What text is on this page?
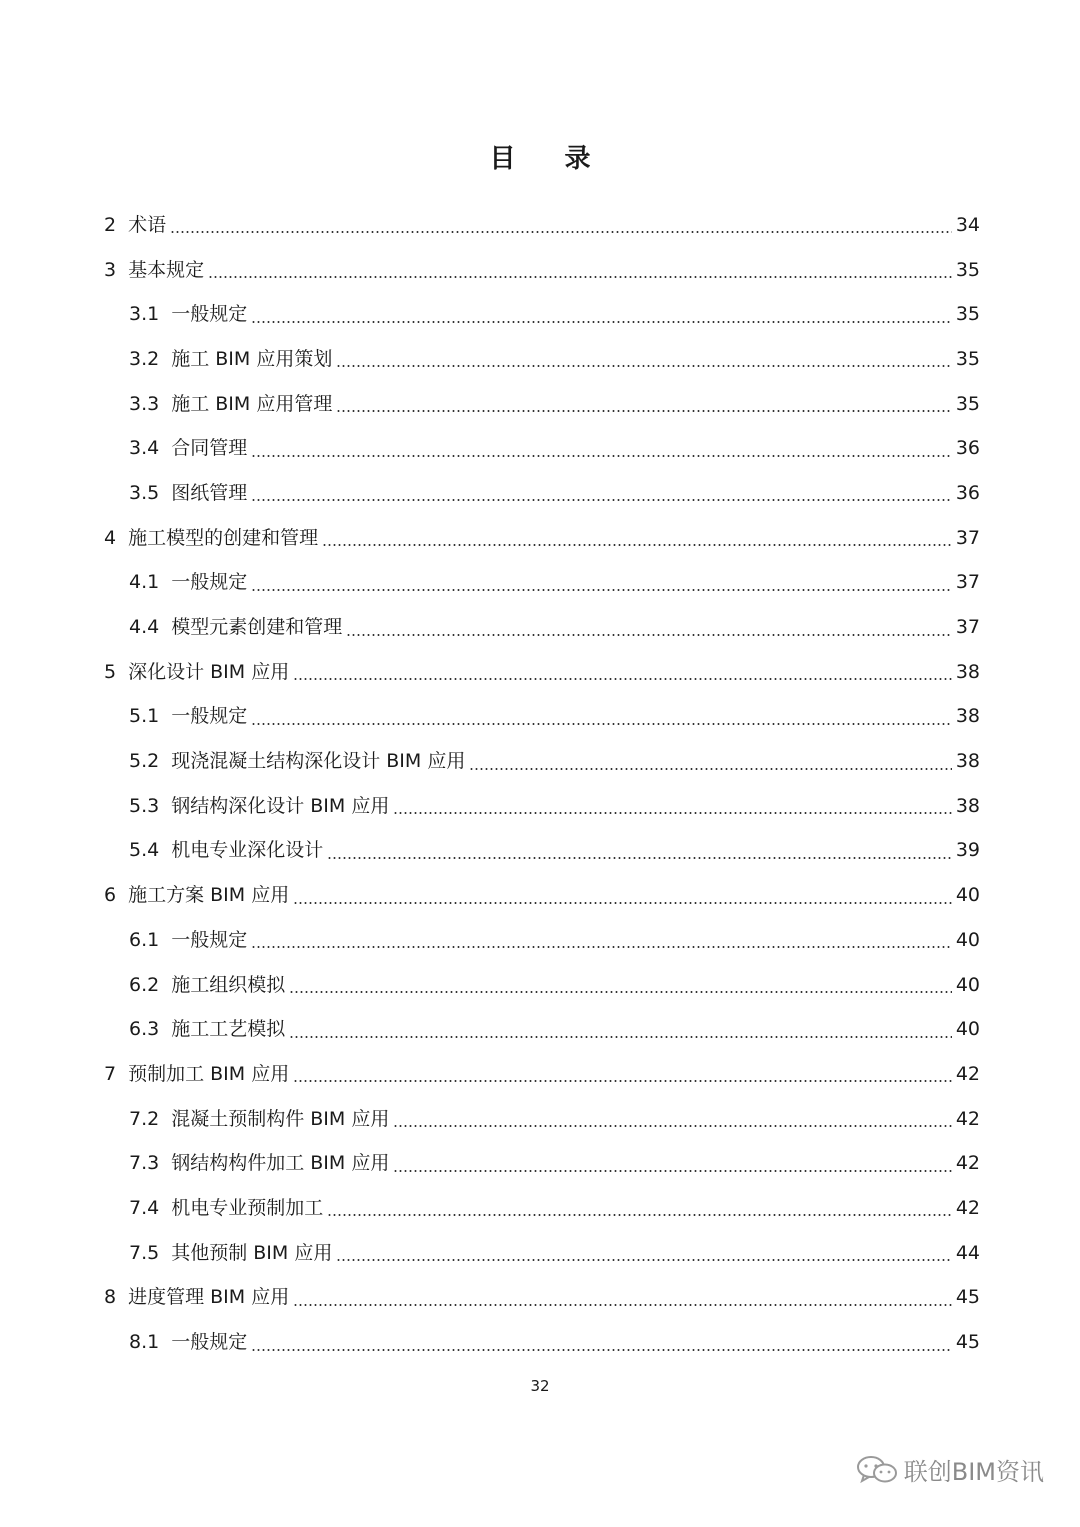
目 录
2 术语	34
3 基本规定	35
3.1 一般规定	35
3.2 施工 BIM 应用策划	35
3.3 施工 BIM 应用管理	35
3.4 合同管理	36
3.5 图纸管理	36
4 施工模型的创建和管理	37
4.1 一般规定	37
4.4 模型元素创建和管理	37
5 深化设计 BIM 应用	38
5.1 一般规定	38
5.2 现浇混凝土结构深化设计 BIM 应用	38
5.3 钢结构深化设计 BIM 应用	38
5.4 机电专业深化设计	39
6 施工方案 BIM 应用	40
6.1 一般规定	40
6.2 施工组织模拟	40
6.3 施工工艺模拟	40
7 预制加工 BIM 应用	42
7.2 混凝土预制构件 BIM 应用	42
7.3 钢结构构件加工 BIM 应用	42
7.4 机电专业预制加工	42
7.5 其他预制 BIM 应用	44
8 进度管理 BIM 应用	45
8.1 一般规定	45
32
联创BIM资讯
